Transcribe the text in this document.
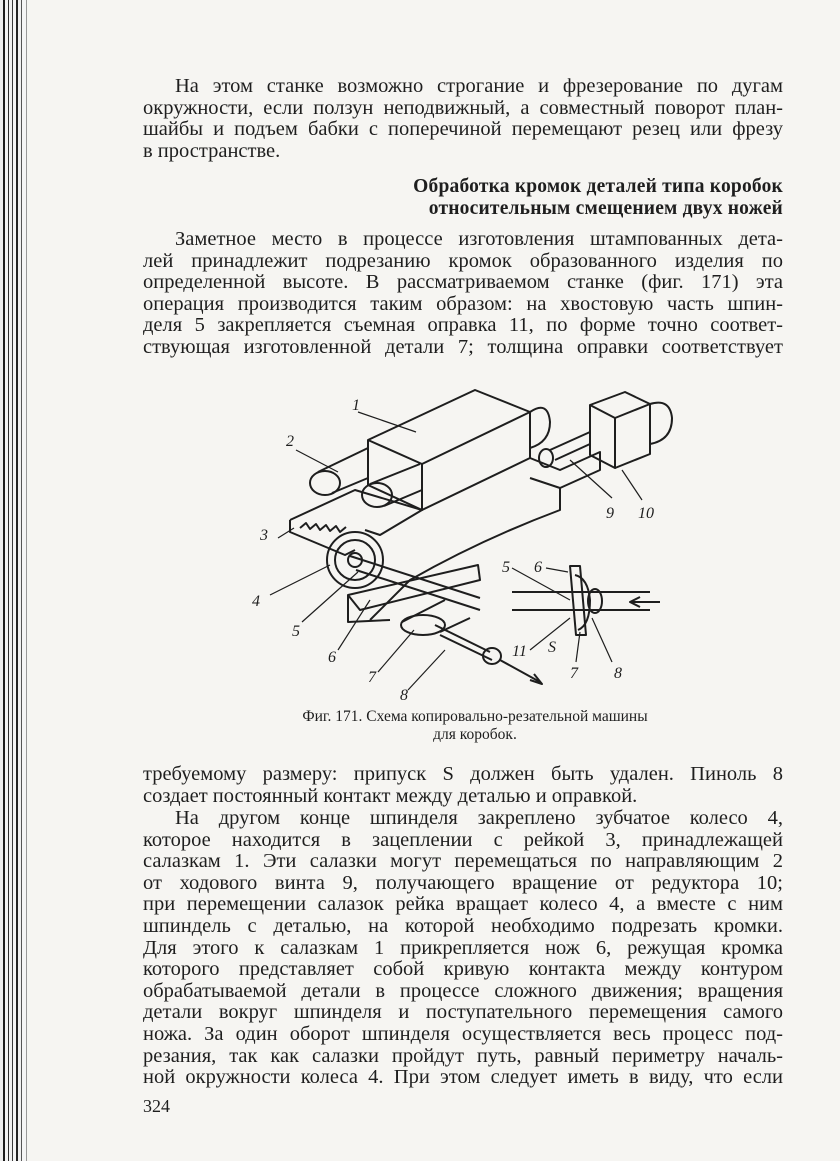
На этом станке возможно строгание и фрезерование по дугам
окружности, если ползун неподвижный, а совместный поворот план-
шайбы и подъем бабки с поперечиной перемещают резец или фрезу
в пространстве.

Обработка кромок деталей типа коробок
относительным смещением двух ножей

Заметное место в процессе изготовления штампованных дета-
лей принадлежит подрезанию кромок образованного изделия по
определенной высоте. В рассматриваемом станке (фиг. 171) эта
операция производится таким образом: на хвостовую часть шпин-
деля 5 закрепляется съемная оправка 11, по форме точно соответ-
ствующая изготовленной детали 7; толщина оправки соответствует

1
2
3
4
5
6
7
8
9 10
5 6
11 S
7 8
Фиг. 171. Схема копировально-резательной машины
для коробок.

требуемому размеру: припуск S должен быть удален. Пиноль 8
создает постоянный контакт между деталью и оправкой.

На другом конце шпинделя закреплено зубчатое колесо 4,
которое находится в зацеплении с рейкой 3, принадлежащей
салазкам 1. Эти салазки могут перемещаться по направляющим 2
от ходового винта 9, получающего вращение от редуктора 10;
при перемещении салазок рейка вращает колесо 4, а вместе с ним
шпиндель с деталью, на которой необходимо подрезать кромки.
Для этого к салазкам 1 прикрепляется нож 6, режущая кромка
которого представляет собой кривую контакта между контуром
обрабатываемой детали в процессе сложного движения; вращения
детали вокруг шпинделя и поступательного перемещения самого
ножа. За один оборот шпинделя осуществляется весь процесс под-
резания, так как салазки пройдут путь, равный периметру началь-
ной окружности колеса 4. При этом следует иметь в виду, что если

324
